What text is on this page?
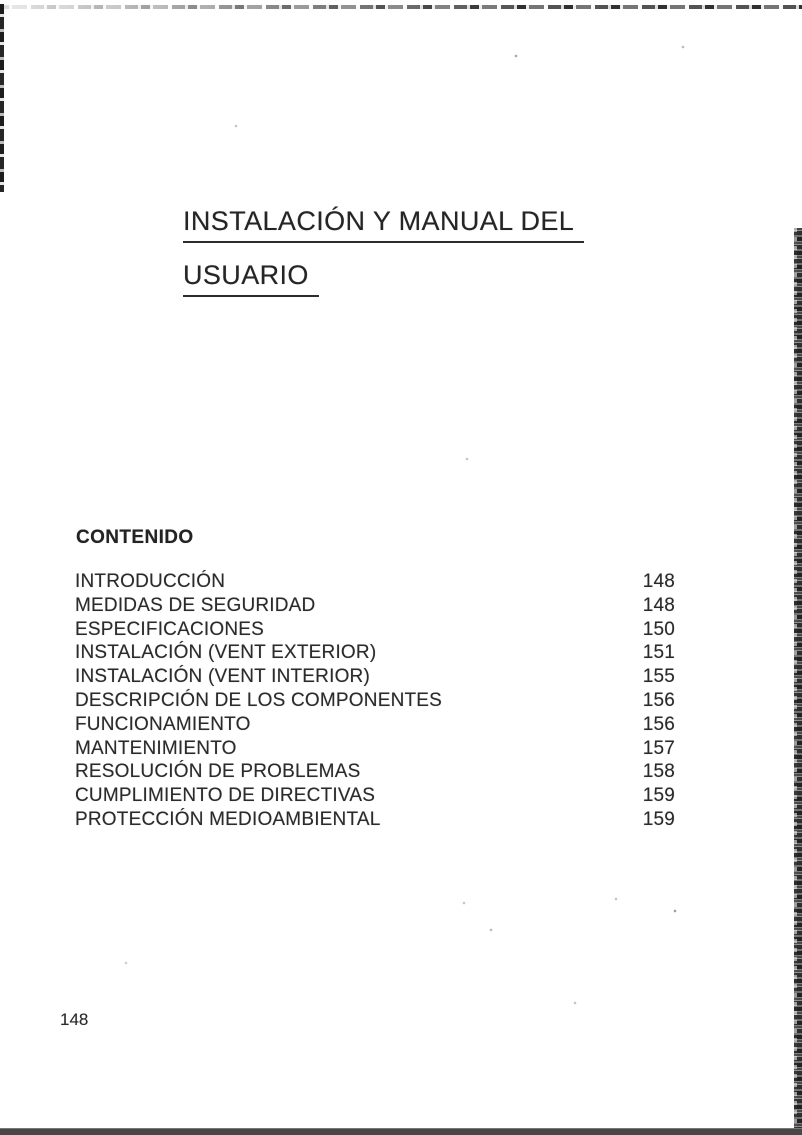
INSTALACIÓN Y MANUAL DEL
USUARIO
CONTENIDO
INTRODUCCIÓN	148
MEDIDAS DE SEGURIDAD	148
ESPECIFICACIONES	150
INSTALACIÓN (VENT EXTERIOR)	151
INSTALACIÓN (VENT INTERIOR)	155
DESCRIPCIÓN DE LOS COMPONENTES	156
FUNCIONAMIENTO	156
MANTENIMIENTO	157
RESOLUCIÓN DE PROBLEMAS	158
CUMPLIMIENTO DE DIRECTIVAS	159
PROTECCIÓN MEDIOAMBIENTAL	159
148
